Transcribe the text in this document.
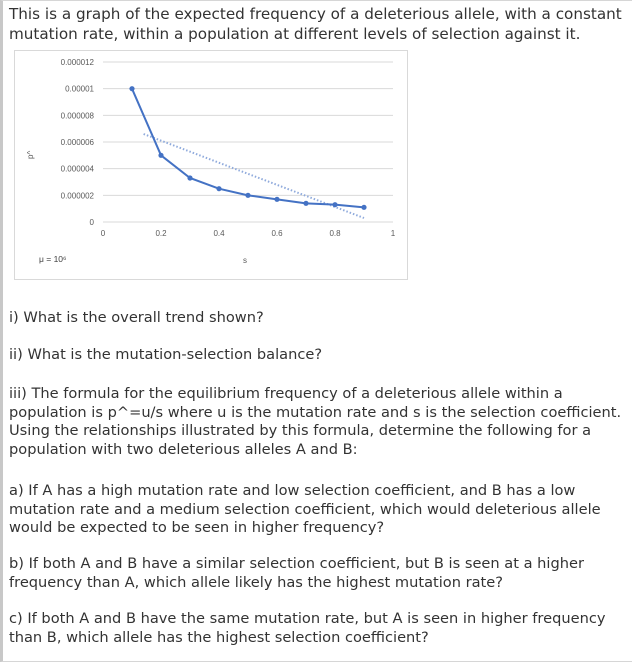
This is a graph of the expected frequency of a deleterious allele, with a constant mutation rate, within a population at different levels of selection against it.

0.000012
0.00001
0.000008
0.000006
0.000004
0.000002
0
0	0.2	0.4	0.6	0.8	1
p^
s
μ = 10⁶

i) What is the overall trend shown?

ii) What is the mutation-selection balance?

iii) The formula for the equilibrium frequency of a deleterious allele within a population is p^=u/s where u is the mutation rate and s is the selection coefficient. Using the relationships illustrated by this formula, determine the following for a population with two deleterious alleles A and B:

a) If A has a high mutation rate and low selection coefficient, and B has a low mutation rate and a medium selection coefficient, which would deleterious allele would be expected to be seen in higher frequency?

b) If both A and B have a similar selection coefficient, but B is seen at a higher frequency than A, which allele likely has the highest mutation rate?

c) If both A and B have the same mutation rate, but A is seen in higher frequency than B, which allele has the highest selection coefficient?
